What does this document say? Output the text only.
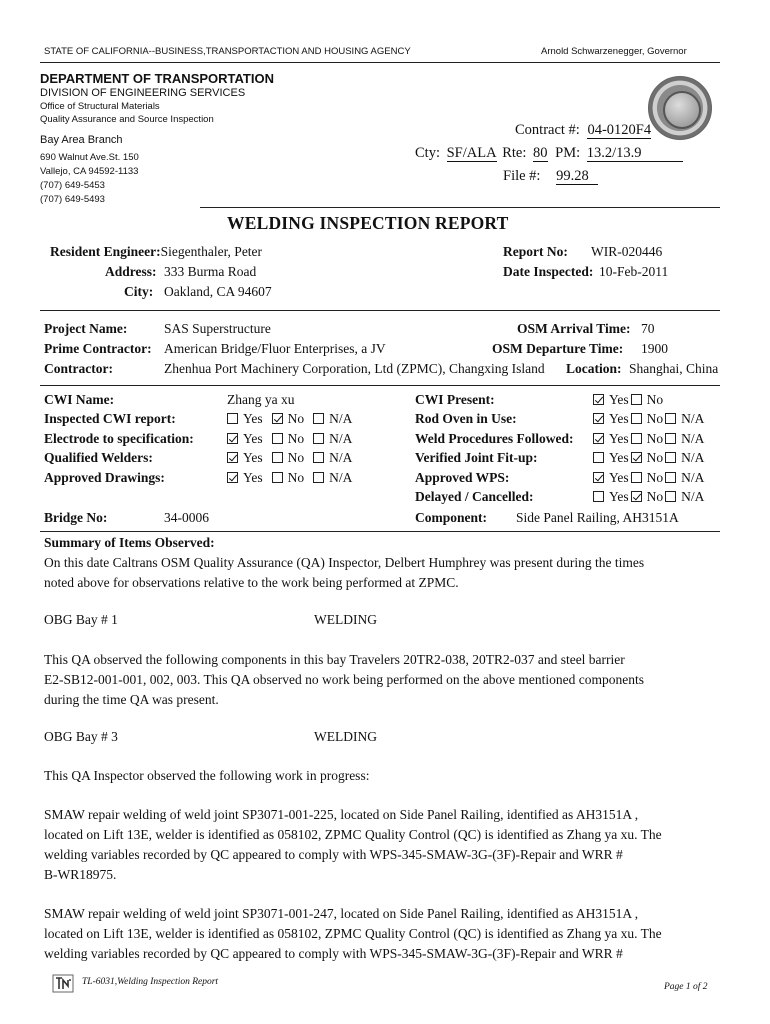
STATE OF CALIFORNIA--BUSINESS,TRANSPORTACTION AND HOUSING AGENCY	Arnold Schwarzenegger, Governor
DEPARTMENT OF TRANSPORTATION
DIVISION OF ENGINEERING SERVICES
Office of Structural Materials
Quality Assurance and Source Inspection
Bay Area Branch
690 Walnut Ave.St. 150
Vallejo, CA 94592-1133
(707) 649-5453
(707) 649-5493
Contract #: 04-0120F4
Cty: SF/ALA Rte: 80 PM: 13.2/13.9
File #: 99.28
WELDING INSPECTION REPORT
Resident Engineer:Siegenthaler, Peter
Address: 333 Burma Road
City: Oakland, CA 94607
Report No: WIR-020446
Date Inspected: 10-Feb-2011
Project Name:	SAS Superstructure
Prime Contractor: American Bridge/Fluor Enterprises, a JV
Contractor:	Zhenhua Port Machinery Corporation, Ltd (ZPMC), Changxing Island
OSM Arrival Time: 70
OSM Departure Time: 1900
Location: Shanghai, China
CWI Name:	Zhang ya xu
Inspected CWI report:	Yes No N/A
Electrode to specification:	Yes No N/A
Qualified Welders:	Yes No N/A
Approved Drawings:	Yes No N/A
CWI Present:	Yes No
Rod Oven in Use:	Yes No N/A
Weld Procedures Followed:	Yes No N/A
Verified Joint Fit-up:	Yes No N/A
Approved WPS:	Yes No N/A
Delayed / Cancelled:	Yes No N/A
Bridge No:	34-0006	Component: Side Panel Railing, AH3151A
Summary of Items Observed:
On this date Caltrans OSM Quality Assurance (QA) Inspector, Delbert Humphrey was present during the times
noted above for observations relative to the work being performed at ZPMC.
OBG Bay # 1	WELDING
This QA observed the following components in this bay Travelers 20TR2-038, 20TR2-037 and steel barrier
E2-SB12-001-001, 002, 003. This QA observed no work being performed on the above mentioned components
during the time QA was present.
OBG Bay # 3	WELDING
This QA Inspector observed the following work in progress:
SMAW repair welding of weld joint SP3071-001-225, located on Side Panel Railing, identified as AH3151A ,
located on Lift 13E, welder is identified as 058102, ZPMC Quality Control (QC) is identified as Zhang ya xu. The
welding variables recorded by QC appeared to comply with WPS-345-SMAW-3G-(3F)-Repair and WRR #
B-WR18975.
SMAW repair welding of weld joint SP3071-001-247, located on Side Panel Railing, identified as AH3151A ,
located on Lift 13E, welder is identified as 058102, ZPMC Quality Control (QC) is identified as Zhang ya xu. The
welding variables recorded by QC appeared to comply with WPS-345-SMAW-3G-(3F)-Repair and WRR #
TL-6031,Welding Inspection Report	Page 1 of 2
